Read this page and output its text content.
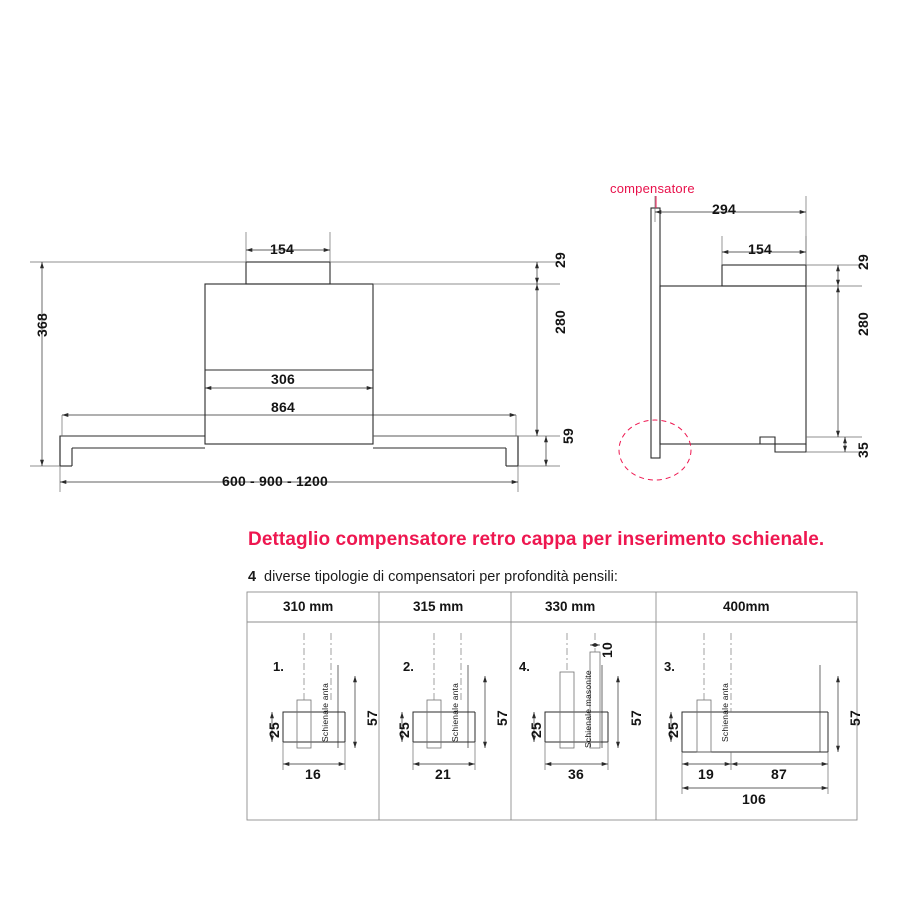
154
29
280
59
368
306
864
600 - 900 - 1200
compensatore
294
154
29
280
35
Dettaglio compensatore retro cappa per inserimento schienale.
4 diverse tipologie di compensatori per profondità pensili:
310 mm	315 mm	330 mm	400mm
1.
Schienale anta
25
57
16
2.
Schienale anta
25
57
21
4.
Schienale masonite
25
57
10
36
3.
Schienale anta
25
57
19	87
106
